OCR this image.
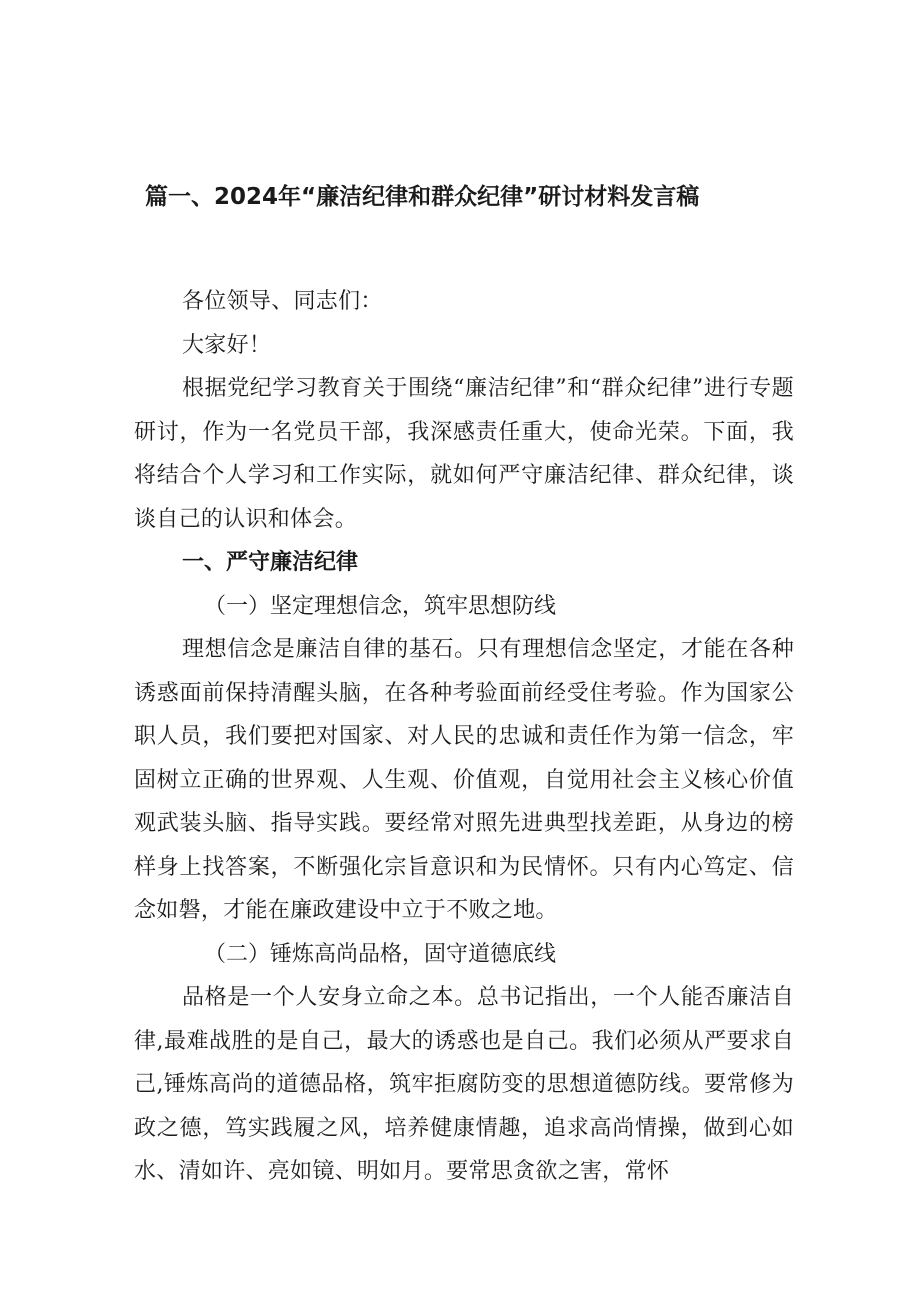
篇一、2024年“廉洁纪律和群众纪律”研讨材料发言稿

各位领导、同志们：

大家好！

根据党纪学习教育关于围绕“廉洁纪律”和“群众纪律”进行专题研讨，作为一名党员干部，我深感责任重大，使命光荣。下面，我将结合个人学习和工作实际，就如何严守廉洁纪律、群众纪律，谈谈自己的认识和体会。

一、严守廉洁纪律

（一）坚定理想信念，筑牢思想防线

理想信念是廉洁自律的基石。只有理想信念坚定，才能在各种诱惑面前保持清醒头脑，在各种考验面前经受住考验。作为国家公职人员，我们要把对国家、对人民的忠诚和责任作为第一信念，牢固树立正确的世界观、人生观、价值观，自觉用社会主义核心价值观武装头脑、指导实践。要经常对照先进典型找差距，从身边的榜样身上找答案，不断强化宗旨意识和为民情怀。只有内心笃定、信念如磐，才能在廉政建设中立于不败之地。

（二）锤炼高尚品格，固守道德底线

品格是一个人安身立命之本。总书记指出，一个人能否廉洁自律,最难战胜的是自己，最大的诱惑也是自己。我们必须从严要求自己,锤炼高尚的道德品格，筑牢拒腐防变的思想道德防线。要常修为政之德，笃实践履之风，培养健康情趣，追求高尚情操，做到心如水、清如许、亮如镜、明如月。要常思贪欲之害，常怀
